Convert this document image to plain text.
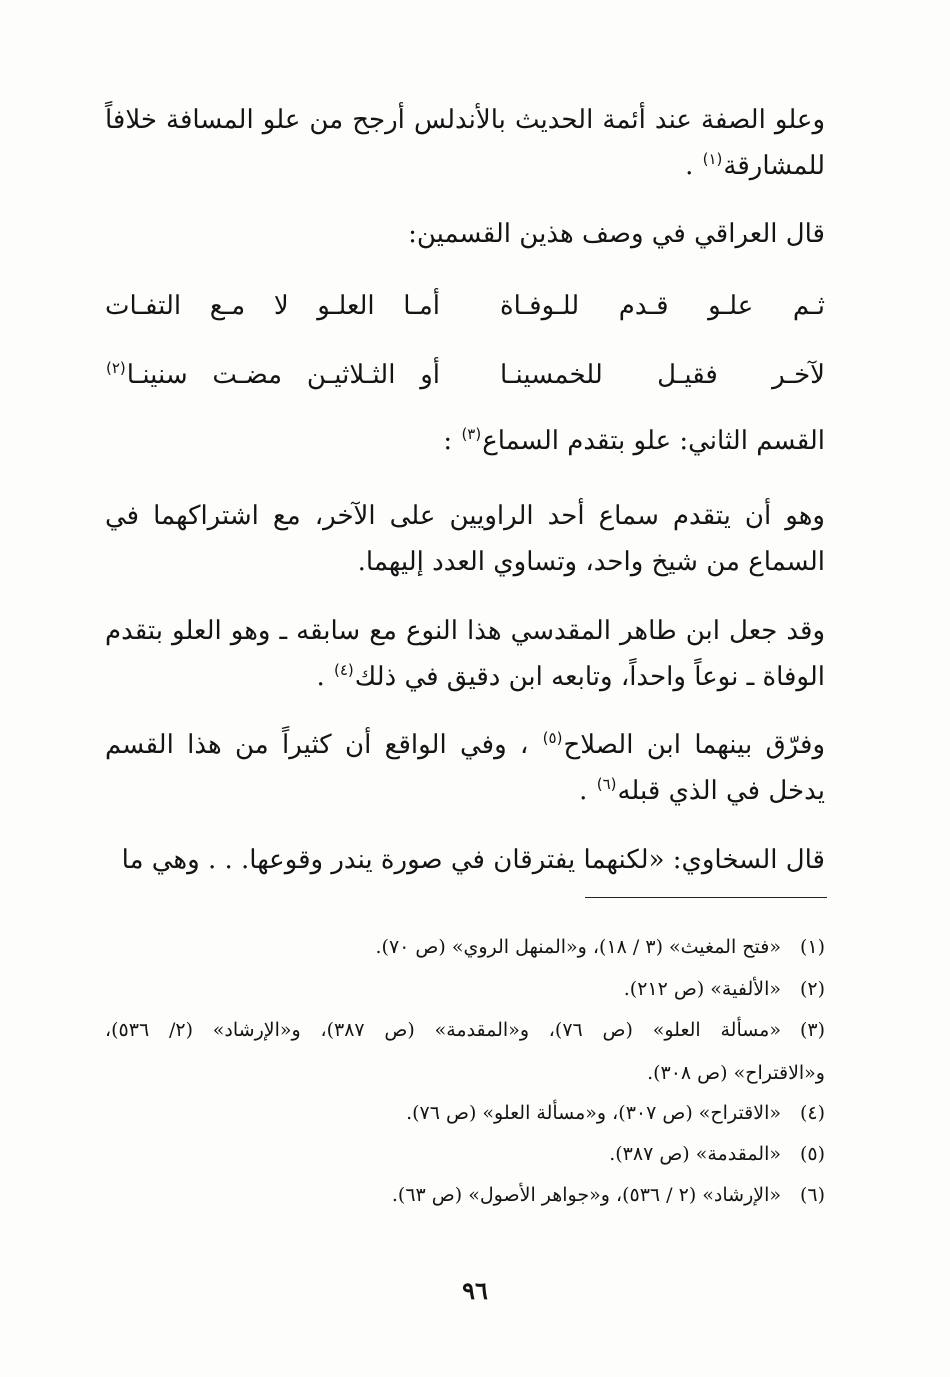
وعلو الصفة عند أئمة الحديث بالأندلس أرجح من علو المسافة خلافاً للمشارقة$^{(١)}$ .
قال العراقي في وصف هذين القسمين:
ثـم علـو قـدم للـوفـاة
أمـا العلـو لا مـع التفـات
لآخـر فقيـل للخمسينـا
أو الثـلاثيـن مضـت سنينـا$^{(٢)}$
القسم الثاني: علو بتقدم السماع$^{(٣)}$ :
وهو أن يتقدم سماع أحد الراويين على الآخر، مع اشتراكهما في السماع من شيخ واحد، وتساوي العدد إليهما.
وقد جعل ابن طاهر المقدسي هذا النوع مع سابقه ـ وهو العلو بتقدم الوفاة ـ نوعاً واحداً، وتابعه ابن دقيق في ذلك$^{(٤)}$ .
وفرّق بينهما ابن الصلاح$^{(٥)}$ ، وفي الواقع أن كثيراً من هذا القسم يدخل في الذي قبله$^{(٦)}$ .
قال السخاوي: «لكنهما يفترقان في صورة يندر وقوعها. . . وهي ما
(١)«فتح المغيث» (٣ / ١٨)، و«المنهل الروي» (ص ٧٠).
(٢)«الألفية» (ص ٢١٢).
(٣)«مسألة العلو» (ص ٧٦)، و«المقدمة» (ص ٣٨٧)، و«الإرشاد» (٢/ ٥٣٦)،
و«الاقتراح» (ص ٣٠٨).
(٤)«الاقتراح» (ص ٣٠٧)، و«مسألة العلو» (ص ٧٦).
(٥)«المقدمة» (ص ٣٨٧).
(٦)«الإرشاد» (٢ / ٥٣٦)، و«جواهر الأصول» (ص ٦٣).
٩٦
